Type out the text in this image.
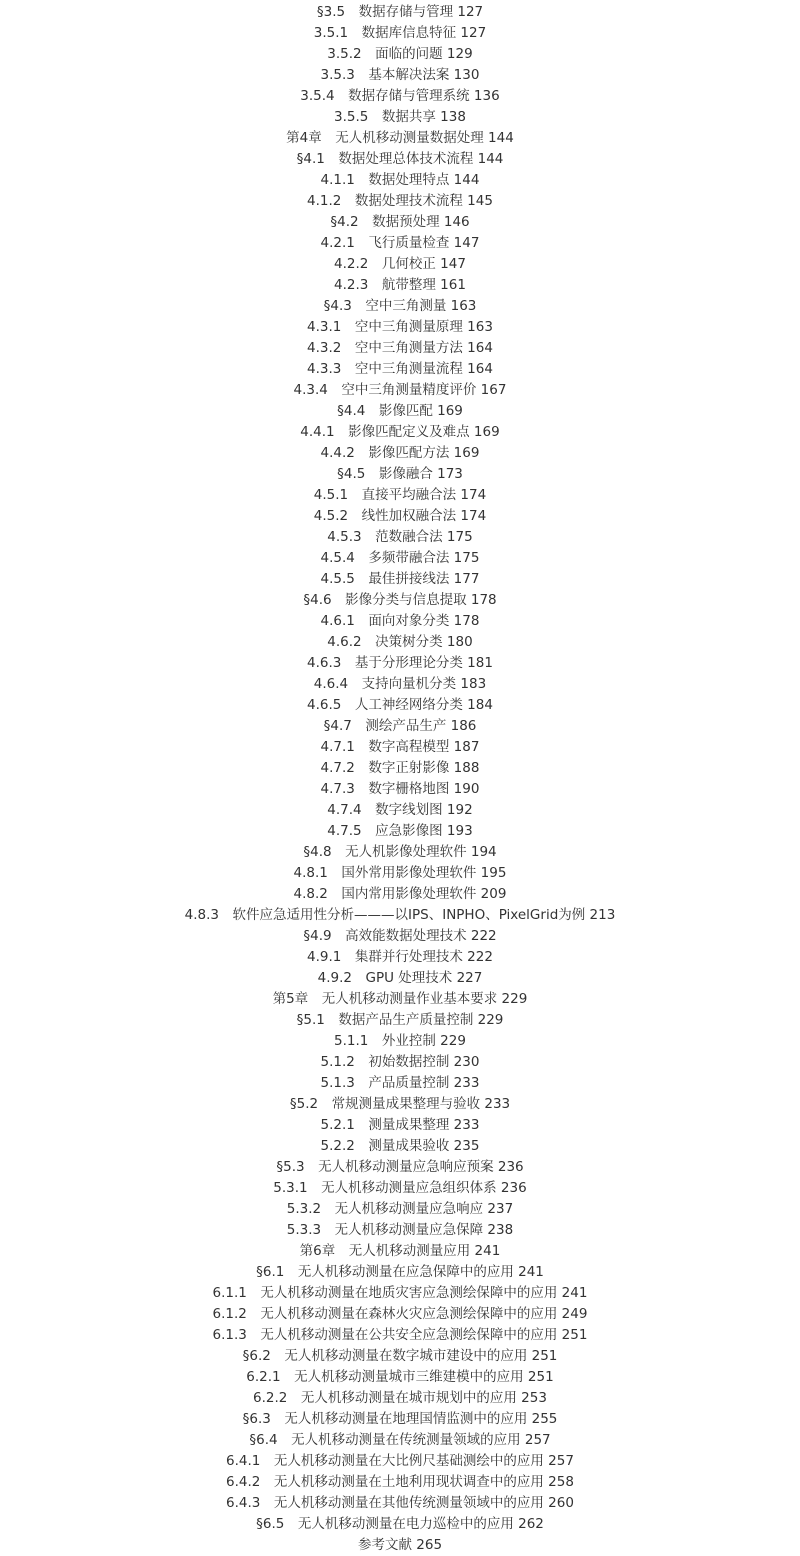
§3.5　数据存储与管理 127
3.5.1　数据库信息特征 127
3.5.2　面临的问题 129
3.5.3　基本解决法案 130
3.5.4　数据存储与管理系统 136
3.5.5　数据共享 138
第4章　无人机移动测量数据处理 144
§4.1　数据处理总体技术流程 144
4.1.1　数据处理特点 144
4.1.2　数据处理技术流程 145
§4.2　数据预处理 146
4.2.1　飞行质量检查 147
4.2.2　几何校正 147
4.2.3　航带整理 161
§4.3　空中三角测量 163
4.3.1　空中三角测量原理 163
4.3.2　空中三角测量方法 164
4.3.3　空中三角测量流程 164
4.3.4　空中三角测量精度评价 167
§4.4　影像匹配 169
4.4.1　影像匹配定义及难点 169
4.4.2　影像匹配方法 169
§4.5　影像融合 173
4.5.1　直接平均融合法 174
4.5.2　线性加权融合法 174
4.5.3　范数融合法 175
4.5.4　多频带融合法 175
4.5.5　最佳拼接线法 177
§4.6　影像分类与信息提取 178
4.6.1　面向对象分类 178
4.6.2　决策树分类 180
4.6.3　基于分形理论分类 181
4.6.4　支持向量机分类 183
4.6.5　人工神经网络分类 184
§4.7　测绘产品生产 186
4.7.1　数字高程模型 187
4.7.2　数字正射影像 188
4.7.3　数字栅格地图 190
4.7.4　数字线划图 192
4.7.5　应急影像图 193
§4.8　无人机影像处理软件 194
4.8.1　国外常用影像处理软件 195
4.8.2　国内常用影像处理软件 209
4.8.3　软件应急适用性分析———以IPS、INPHO、PixelGrid为例 213
§4.9　高效能数据处理技术 222
4.9.1　集群并行处理技术 222
4.9.2　GPU 处理技术 227
第5章　无人机移动测量作业基本要求 229
§5.1　数据产品生产质量控制 229
5.1.1　外业控制 229
5.1.2　初始数据控制 230
5.1.3　产品质量控制 233
§5.2　常规测量成果整理与验收 233
5.2.1　测量成果整理 233
5.2.2　测量成果验收 235
§5.3　无人机移动测量应急响应预案 236
5.3.1　无人机移动测量应急组织体系 236
5.3.2　无人机移动测量应急响应 237
5.3.3　无人机移动测量应急保障 238
第6章　无人机移动测量应用 241
§6.1　无人机移动测量在应急保障中的应用 241
6.1.1　无人机移动测量在地质灾害应急测绘保障中的应用 241
6.1.2　无人机移动测量在森林火灾应急测绘保障中的应用 249
6.1.3　无人机移动测量在公共安全应急测绘保障中的应用 251
§6.2　无人机移动测量在数字城市建设中的应用 251
6.2.1　无人机移动测量城市三维建模中的应用 251
6.2.2　无人机移动测量在城市规划中的应用 253
§6.3　无人机移动测量在地理国情监测中的应用 255
§6.4　无人机移动测量在传统测量领域的应用 257
6.4.1　无人机移动测量在大比例尺基础测绘中的应用 257
6.4.2　无人机移动测量在土地利用现状调查中的应用 258
6.4.3　无人机移动测量在其他传统测量领域中的应用 260
§6.5　无人机移动测量在电力巡检中的应用 262
参考文献 265
